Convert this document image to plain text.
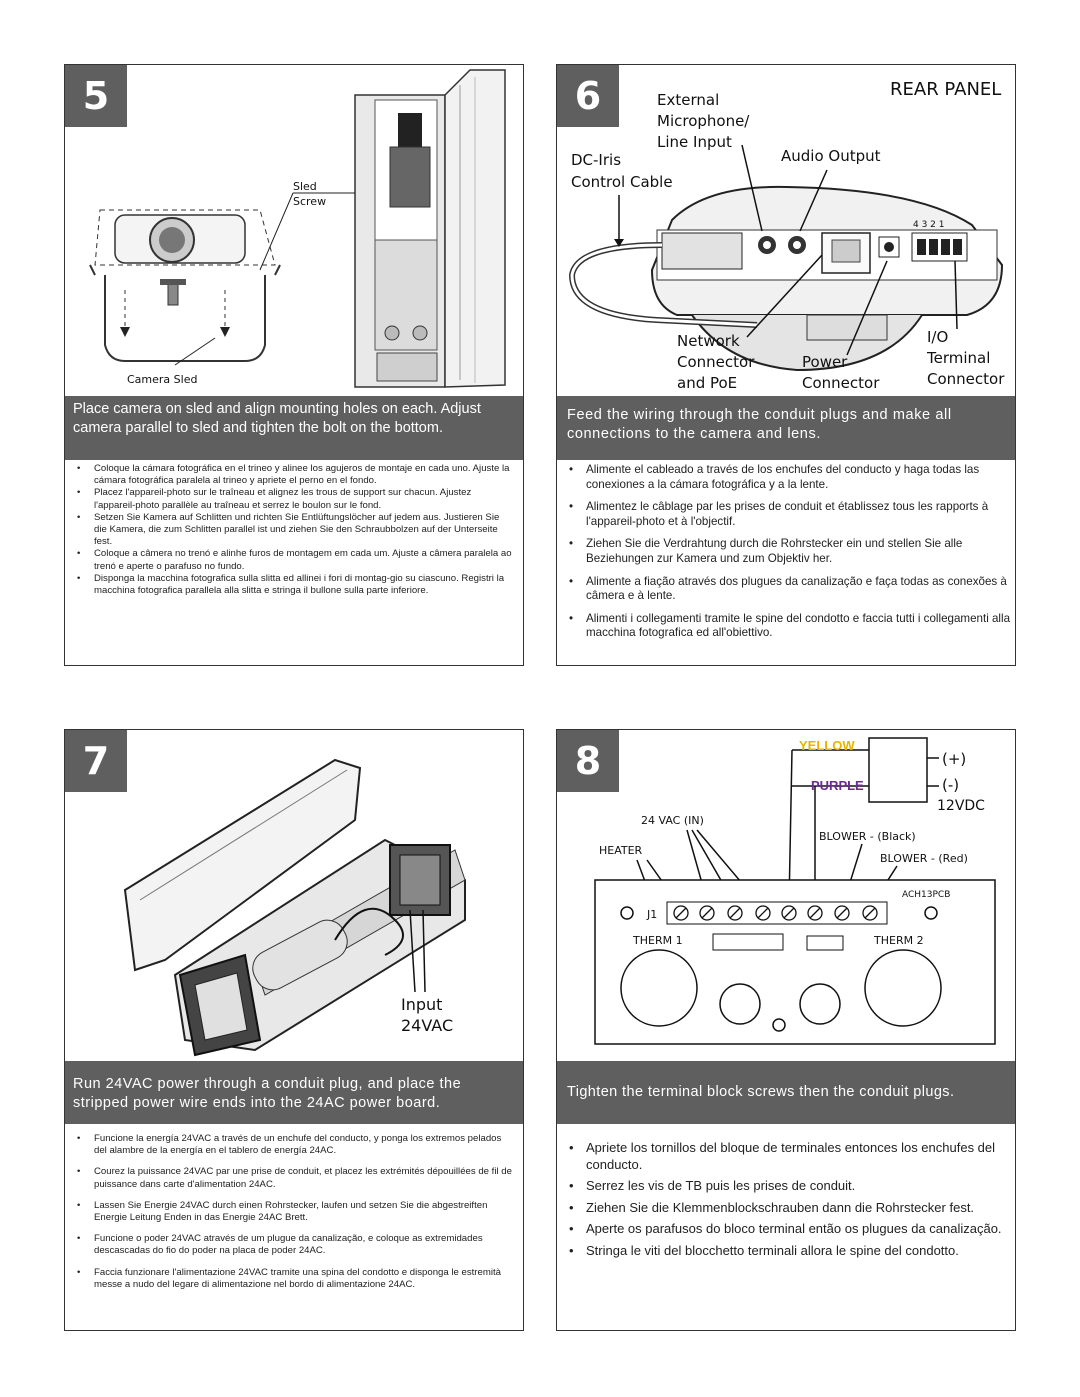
5
Sled
Screw
Camera Sled

Place camera on sled and align mounting holes on each. Adjust camera parallel to sled and tighten the bolt on the bottom.

• Coloque la cámara fotográfica en el trineo y alinee los agujeros de montaje en cada uno. Ajuste la cámara fotográfica paralela al trineo y apriete el perno en el fondo.
• Placez l'appareil-photo sur le traîneau et alignez les trous de support sur chacun. Ajustez l'appareil-photo parallèle au traîneau et serrez le boulon sur le fond.
• Setzen Sie Kamera auf Schlitten und richten Sie Entlüftungslöcher auf jedem aus. Justieren Sie die Kamera, die zum Schlitten parallel ist und ziehen Sie den Schraubbolzen auf der Unterseite fest.
• Coloque a câmera no trenó e alinhe furos de montagem em cada um. Ajuste a câmera paralela ao trenó e aperte o parafuso no fundo.
• Disponga la macchina fotografica sulla slitta ed allinei i fori di montag-gio su ciascuno. Registri la macchina fotografica parallela alla slitta e stringa il bullone sulla parte inferiore.
6
4 3 2 1
REAR PANEL
External
Microphone/
Line Input
Audio Output
DC-Iris
Control Cable
Network
Connector
and PoE
Power
Connector
I/O
Terminal
Connector

Feed the wiring through the conduit plugs and make all connections to the camera and lens.

• Alimente el cableado a través de los enchufes del conducto y haga todas las conexiones a la cámara fotográfica y a la lente.
• Alimentez le câblage par les prises de conduit et établissez tous les rapports à l'appareil-photo et à l'objectif.
• Ziehen Sie die Verdrahtung durch die Rohrstecker ein und stellen Sie alle Beziehungen zur Kamera und zum Objektiv her.
• Alimente a fiação através dos plugues da canalização e faça todas as conexões à câmera e à lente.
• Alimenti i collegamenti tramite le spine del condotto e faccia tutti i collegamenti alla macchina fotografica ed all'obiettivo.
7
Input
24VAC

Run 24VAC power through a conduit plug, and place the stripped power wire ends into the 24AC power board.

• Funcione la energía 24VAC a través de un enchufe del conducto, y ponga los extremos pelados del alambre de la energía en el tablero de energía 24AC.
• Courez la puissance 24VAC par une prise de conduit, et placez les extrémités dépouillées de fil de puissance dans carte d'alimentation 24AC.
• Lassen Sie Energie 24VAC durch einen Rohrstecker, laufen und setzen Sie die abgestreiften Energie Leitung Enden in das Energie 24AC Brett.
• Funcione o poder 24VAC através de um plugue da canalização, e coloque as extremidades descascadas do fio do poder na placa de poder 24AC.
• Faccia funzionare l'alimentazione 24VAC tramite una spina del condotto e disponga le estremità messe a nudo del legare di alimentazione nel bordo di alimentazione 24AC.
8	YELLOW
PURPLE
(+)
(-)
12VDC
24 VAC (IN)
HEATER
BLOWER - (Black)
BLOWER - (Red)
ACH13PCB
J1
THERM 1	THERM 2

Tighten the terminal block screws then the conduit plugs.

• Apriete los tornillos del bloque de terminales entonces los enchufes del conducto.
• Serrez les vis de TB puis les prises de conduit.
• Ziehen Sie die Klemmenblockschrauben dann die Rohrstecker fest.
• Aperte os parafusos do bloco terminal então os plugues da canalização.
• Stringa le viti del blocchetto terminali allora le spine del condotto.
